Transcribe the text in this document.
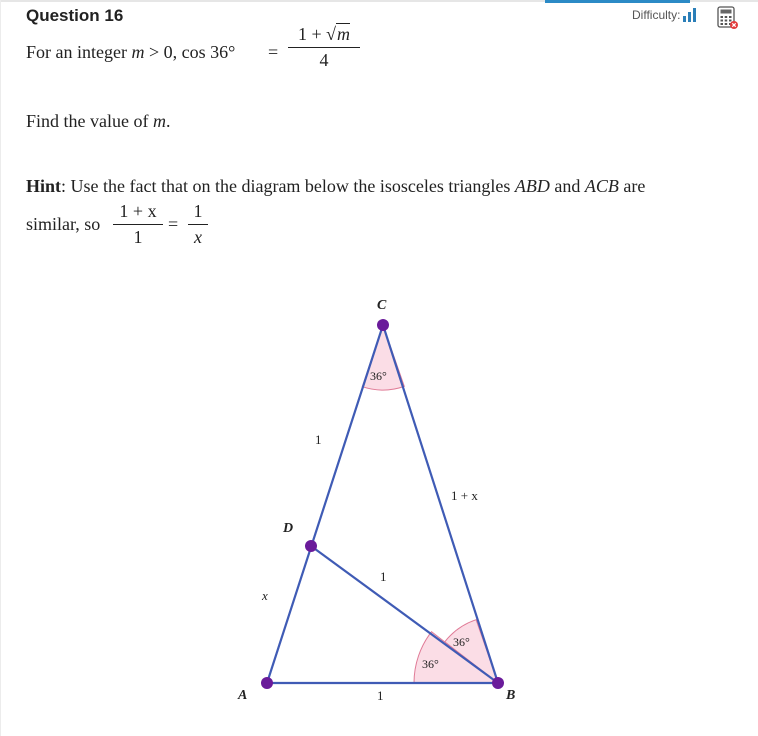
Question 16	Difficulty:
For an integer m > 0, cos 36° =
1 + √m
4
Find the value of m.
Hint: Use the fact that on the diagram below the isosceles triangles ABD and ACB are
similar, so
1 + x
1
=
1
x
C
D
A	B
36°
36°
36°
1
x
1 + x
1
1
